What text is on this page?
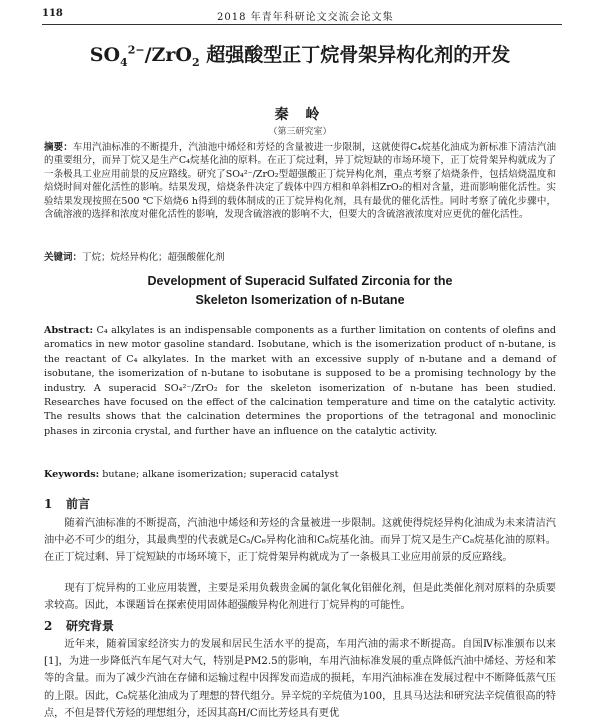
118	2018 年青年科研论文交流会论文集
$SO_4^{2-}/ZrO_2$ 超强酸型正丁烷骨架异构化剂的开发
秦 岭
（第三研究室）
摘要：车用汽油标准的不断提升，汽油池中烯烃和芳烃的含量被进一步限制，这就使得C₄烷基化油成为新标准下清洁汽油的重要组分，而异丁烷又是生产C₄烷基化油的原料。在正丁烷过剩，异丁烷短缺的市场环境下，正丁烷骨架异构就成为了一条极具工业应用前景的反应路线。研究了SO₄²⁻/ZrO₂型超强酸正丁烷异构化剂，重点考察了焙烧条件，包括焙烧温度和焙烧时间对催化活性的影响。结果发现，焙烧条件决定了载体中四方相和单斜相ZrO₂的相对含量，进而影响催化活性。实验结果发现按照在500 ℃下焙烧6 h得到的载体制成的正丁烷异构化剂，具有最优的催化活性。同时考察了硫化步骤中，含硫溶液的选择和浓度对催化活性的影响，发现含硫溶液的影响不大，但要大的含硫溶液浓度对应更优的催化活性。
关键词：丁烷；烷烃异构化；超强酸催化剂
Development of Superacid Sulfated Zirconia for the
Skeleton Isomerization of n-Butane
Abstract: C₄ alkylates is an indispensable components as a further limitation on contents of olefins and aromatics in new motor gasoline standard. Isobutane, which is the isomerization product of n-butane, is the reactant of C₄ alkylates. In the market with an excessive supply of n-butane and a demand of isobutane, the isomerization of n-butane to isobutane is supposed to be a promising technology by the industry. A superacid SO₄²⁻/ZrO₂ for the skeleton isomerization of n-butane has been studied. Researches have focused on the effect of the calcination temperature and time on the catalytic activity. The results shows that the calcination determines the proportions of the tetragonal and monoclinic phases in zirconia crystal, and further have an influence on the catalytic activity.
Keywords: butane; alkane isomerization; superacid catalyst
1 前言
随着汽油标准的不断提高，汽油池中烯烃和芳烃的含量被进一步限制。这就使得烷烃异构化油成为未来清洁汽油中必不可少的组分，其最典型的代表就是C₅/C₆异构化油和C₈烷基化油。而异丁烷又是生产C₈烷基化油的原料。在正丁烷过剩、异丁烷短缺的市场环境下，正丁烷骨架异构就成为了一条极具工业应用前景的反应路线。
现有丁烷异构的工业应用装置，主要是采用负载贵金属的氯化氧化铝催化剂，但是此类催化剂对原料的杂质要求较高。因此，本课题旨在探索使用固体超强酸异构化剂进行丁烷异构的可能性。
2 研究背景
近年来，随着国家经济实力的发展和居民生活水平的提高，车用汽油的需求不断提高。自国Ⅳ标准颁布以来[1]，为进一步降低汽车尾气对大气，特别是PM2.5的影响，车用汽油标准发展的重点降低汽油中烯烃、芳烃和苯等的含量。而为了减少汽油在存储和运输过程中因挥发而造成的损耗，车用汽油标准在发展过程中不断降低蒸气压的上限。因此，C₈烷基化油成为了理想的替代组分。异辛烷的辛烷值为100，且具马达法和研究法辛烷值很高的特点，不但是替代芳烃的理想组分，还因其高H/C而比芳烃具有更优
